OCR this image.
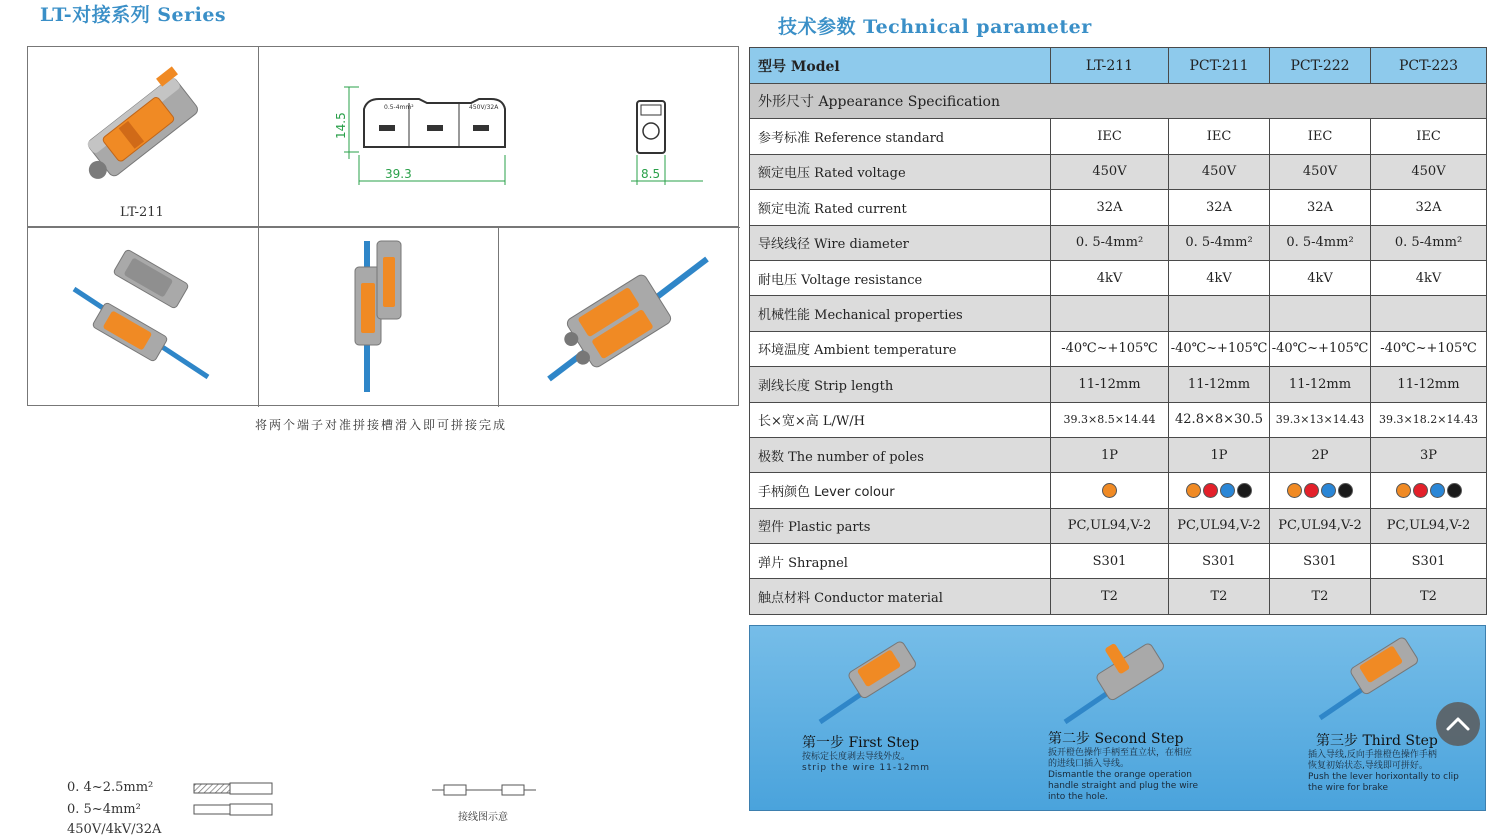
LT-对接系列 Series
技术参数 Technical parameter
LT-211
0.5-4mm²	450V/32A
14.5
39.3	8.5
将两个端子对准拼接槽滑入即可拼接完成
型号 Model	LT-211	PCT-211	PCT-222	PCT-223
外形尺寸 Appearance Specification				
参考标准 Reference standard	IEC	IEC	IEC	IEC
额定电压 Rated voltage	450V	450V	450V	450V
额定电流 Rated current	32A	32A	32A	32A
导线线径 Wire diameter	0. 5-4mm²	0. 5-4mm²	0. 5-4mm²	0. 5-4mm²
耐电压 Voltage resistance	4kV	4kV	4kV	4kV
机械性能 Mechanical properties				
环境温度 Ambient temperature	-40℃~+105℃	-40℃~+105℃	-40℃~+105℃	-40℃~+105℃
剥线长度 Strip length	11-12mm	11-12mm	11-12mm	11-12mm
长×宽×高 L/W/H	39.3×8.5×14.44	42.8×8×30.5	39.3×13×14.43	39.3×18.2×14.43
极数 The number of poles	1P	1P	2P	3P
手柄颜色 Lever colour	

塑件 Plastic parts	PC,UL94,V-2	PC,UL94,V-2	PC,UL94,V-2	PC,UL94,V-2
弹片 Shrapnel	S301	S301	S301	S301
触点材料 Conductor material	T2	T2	T2	T2
第一步 First Step
按标定长度剥去导线外皮。
strip the wire 11-12mm
第二步 Second Step
扳开橙色操作手柄至直立状，在相应
的进线口插入导线。
Dismantle the orange operation
handle straight and plug the wire
into the hole.
第三步 Third Step
插入导线,反向手推橙色操作手柄
恢复初始状态,导线即可拼好。
Push the lever horixontally to clip
the wire for brake
0. 4~2.5mm²
0. 5~4mm²
450V/4kV/32A
接线图示意
